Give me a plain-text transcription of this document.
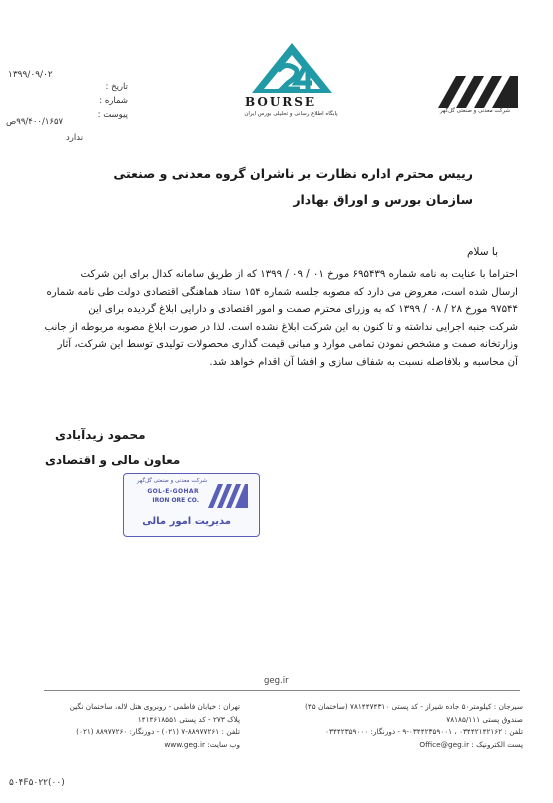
۱۳۹۹/۰۹/۰۲
تاریخ :
شماره :
پیوست :
۹۹/۴۰۰/۱۶۵۷ص
ندارد
BOURSE
پایگاه اطلاع رسانی و تحلیلی بورس ایران	شرکت معدنی و صنعتی گل‌گهر
رییس محترم اداره نظارت بر ناشران گروه معدنی و صنعتی
سازمان بورس و اوراق بهادار
با سلام
احتراما با عنایت به نامه شماره ۶۹۵۴۳۹ مورخ ۰۱ / ۰۹ / ۱۳۹۹ که از طریق سامانه کدال برای این شرکت
ارسال شده است، معروض می دارد که مصوبه جلسه شماره ۱۵۴ ستاد هماهنگی اقتصادی دولت طی نامه شماره
۹۷۵۴۴ مورخ ۲۸ / ۰۸ / ۱۳۹۹ که به وزرای محترم صمت و امور اقتصادی و دارایی ابلاغ گردیده برای این
شرکت جنبه اجرایی نداشته و تا کنون به این شرکت ابلاغ نشده است. لذا در صورت ابلاغ مصوبه مربوطه از جانب
وزارتخانه صمت و مشخص نمودن تمامی موارد و مبانی قیمت گذاری محصولات تولیدی توسط این شرکت، آثار
آن محاسبه و بلافاصله نسبت به شفاف سازی و افشا آن اقدام خواهد شد.
محمود زیدآبادی
معاون مالی و اقتصادی
شرکت معدنی و صنعتی گل‌گهر
GOL-E-GOHAR
IRON ORE CO.
مدیریت امور مالی
geg.ir
سیرجان : کیلومتر۵۰ جاده شیراز - کد پستی ۷۸۱۴۴۷۴۳۱۰ (ساختمان ۴۵)
صندوق پستی ۷۸۱۸۵/۱۱۱
تلفن : ۰۳۴۴۲۱۴۲۱۶۲ ، ۰۳۴۴۲۳۵۹۰۰۱-۹ - دورنگار: ۰۳۴۴۲۳۵۹۰۰۰
پست الکترونیک : Office@geg.ir
تهران : خیابان فاطمی - روبروی هتل لاله، ساختمان نگین
پلاک ۲۷۳ - کد پستی ۱۴۱۴۶۱۸۵۵۱
تلفن : ۸۸۹۷۷۲۶۱-۷ (۰۲۱) - دورنگار: ۸۸۹۷۷۲۶۰ (۰۲۱)
وب سایت: www.geg.ir
۵۰۴F۵۰۲۲(۰۰)
